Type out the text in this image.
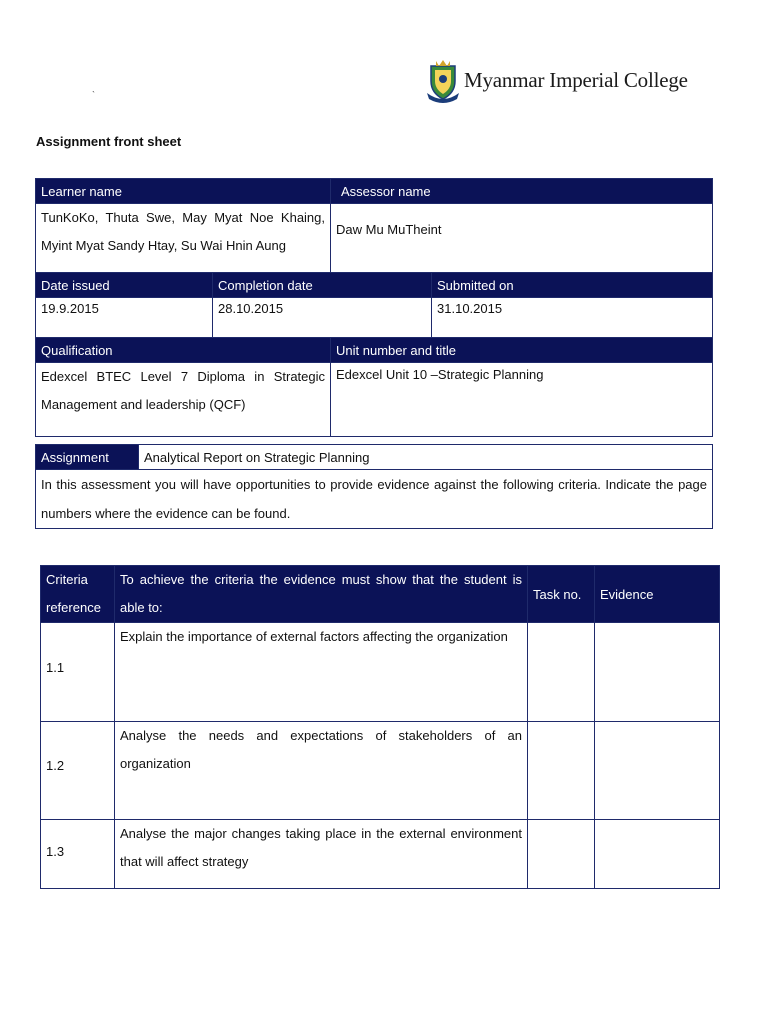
Myanmar Imperial College
`
Assignment front sheet
Learner name		Assessor name	
TunKoKo, Thuta Swe, May Myat Noe Khaing, Myint Myat Sandy Htay, Su Wai Hnin Aung		Daw Mu MuTheint	
Date issued	Completion date		Submitted on
19.9.2015	28.10.2015		31.10.2015
Qualification		Unit number and title	
Edexcel BTEC Level 7 Diploma in Strategic Management and leadership (QCF)		Edexcel Unit 10 –Strategic Planning	
Assignment	Analytical Report on Strategic Planning
In this assessment you will have opportunities to provide evidence against the following criteria. Indicate the page numbers where the evidence can be found.
Criteria reference	To achieve the criteria the evidence must show that the student is able to:	Task no.	Evidence
1.1	Explain the importance of external factors affecting the organization		
1.2	Analyse the needs and expectations of stakeholders of an organization		
1.3	Analyse the major changes taking place in the external environment that will affect strategy		
